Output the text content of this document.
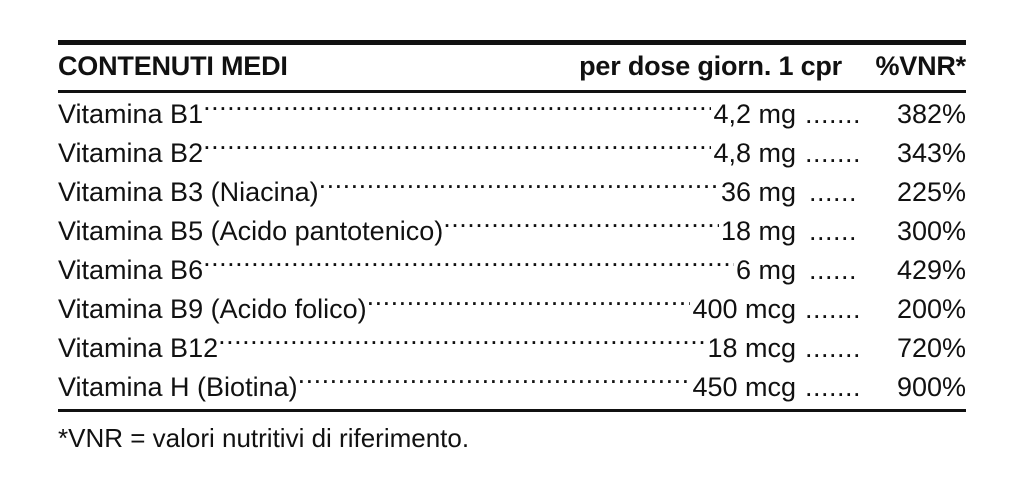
CONTENUTI MEDI	per dose giorn. 1 cpr	%VNR*
Vitamina B1 .....	4,2 mg .......	382%
Vitamina B2 .....	4,8 mg .......	343%
Vitamina B3 (Niacina) .....	36 mg ......	225%
Vitamina B5 (Acido pantotenico) .....	18 mg ......	300%
Vitamina B6 .....	6 mg ......	429%
Vitamina B9 (Acido folico) .....	400 mcg .......	200%
Vitamina B12 .....	18 mcg .......	720%
Vitamina H (Biotina) .....	450 mcg .......	900%
*VNR = valori nutritivi di riferimento.
